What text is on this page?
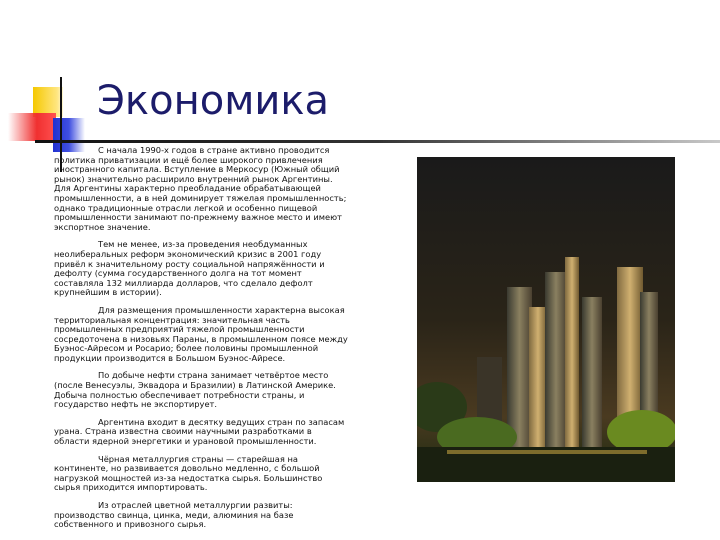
Экономика

С начала 1990-х годов в стране активно проводится политика приватизации и ещё более широкого привлечения иностранного капитала. Вступление в Меркосур (Южный общий рынок) значительно расширило внутренний рынок Аргентины. Для Аргентины характерно преобладание обрабатывающей промышленности, а в ней доминирует тяжелая промышленность; однако традиционные отрасли легкой и особенно пищевой промышленности занимают по-прежнему важное место и имеют экспортное значение.

Тем не менее, из-за проведения необдуманных неолиберальных реформ экономический кризис в 2001 году привёл к значительному росту социальной напряжённости и дефолту (сумма государственного долга на тот момент составляла 132 миллиарда долларов, что сделало дефолт крупнейшим в истории).

Для размещения промышленности характерна высокая территориальная концентрация: значительная часть промышленных предприятий тяжелой промышленности сосредоточена в низовьях Параны, в промышленном поясе между Буэнос-Айресом и Росарио; более половины промышленной продукции производится в Большом Буэнос-Айресе.

По добыче нефти страна занимает четвёртое место (после Венесуэлы, Эквадора и Бразилии) в Латинской Америке. Добыча полностью обеспечивает потребности страны, и государство нефть не экспортирует.

Аргентина входит в десятку ведущих стран по запасам урана. Страна известна своими научными разработками в области ядерной энергетики и урановой промышленности.

Чёрная металлургия страны — старейшая на континенте, но развивается довольно медленно, с большой нагрузкой мощностей из-за недостатка сырья. Большинство сырья приходится импортировать.

Из отраслей цветной металлургии развиты: производство свинца, цинка, меди, алюминия на базе собственного и привозного сырья.
